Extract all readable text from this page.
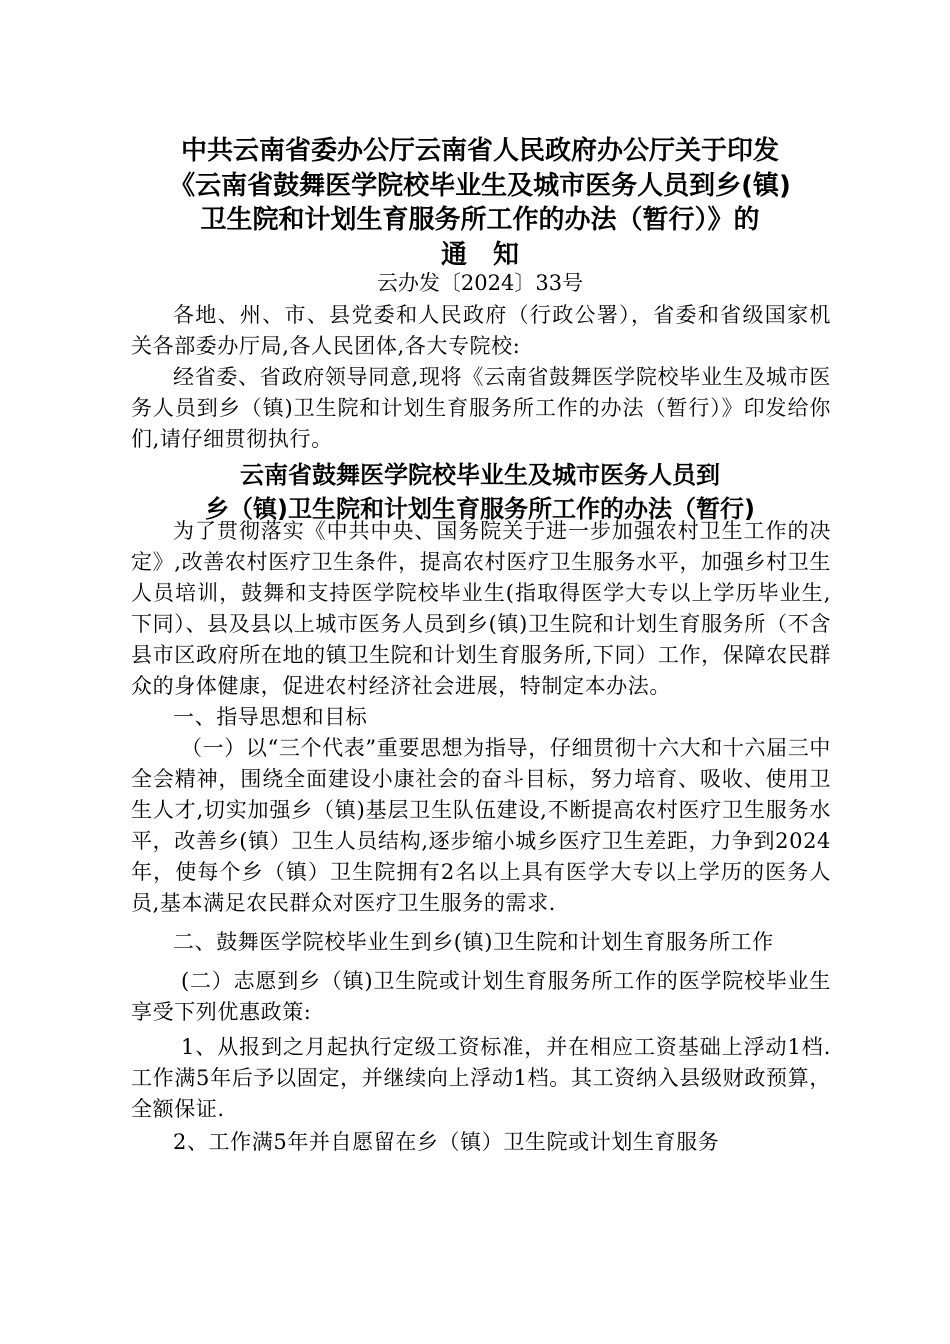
中共云南省委办公厅云南省人民政府办公厅关于印发
《云南省鼓舞医学院校毕业生及城市医务人员到乡(镇)
卫生院和计划生育服务所工作的办法（暂行）》的
通　知
云办发〔2024〕33号

各地、州、市、县党委和人民政府（行政公署），省委和省级国家机关各部委办厅局,各人民团体,各大专院校:

经省委、省政府领导同意,现将《云南省鼓舞医学院校毕业生及城市医务人员到乡（镇)卫生院和计划生育服务所工作的办法（暂行）》印发给你们,请仔细贯彻执行。

云南省鼓舞医学院校毕业生及城市医务人员到
乡（镇)卫生院和计划生育服务所工作的办法（暂行)

为了贯彻落实《中共中央、国务院关于进一步加强农村卫生工作的决定》,改善农村医疗卫生条件，提高农村医疗卫生服务水平，加强乡村卫生人员培训，鼓舞和支持医学院校毕业生(指取得医学大专以上学历毕业生,下同）、县及县以上城市医务人员到乡(镇)卫生院和计划生育服务所（不含县市区政府所在地的镇卫生院和计划生育服务所,下同）工作，保障农民群众的身体健康，促进农村经济社会进展，特制定本办法。

一、指导思想和目标

（一）以“三个代表”重要思想为指导，仔细贯彻十六大和十六届三中全会精神，围绕全面建设小康社会的奋斗目标，努力培育、吸收、使用卫生人才,切实加强乡（镇)基层卫生队伍建设,不断提高农村医疗卫生服务水平，改善乡(镇）卫生人员结构,逐步缩小城乡医疗卫生差距，力争到2024年，使每个乡（镇）卫生院拥有2名以上具有医学大专以上学历的医务人员,基本满足农民群众对医疗卫生服务的需求.

二、鼓舞医学院校毕业生到乡(镇)卫生院和计划生育服务所工作

(二）志愿到乡（镇)卫生院或计划生育服务所工作的医学院校毕业生享受下列优惠政策:

1、从报到之月起执行定级工资标准，并在相应工资基础上浮动1档.工作满5年后予以固定，并继续向上浮动1档。其工资纳入县级财政预算，全额保证.

2、工作满5年并自愿留在乡（镇）卫生院或计划生育服务
